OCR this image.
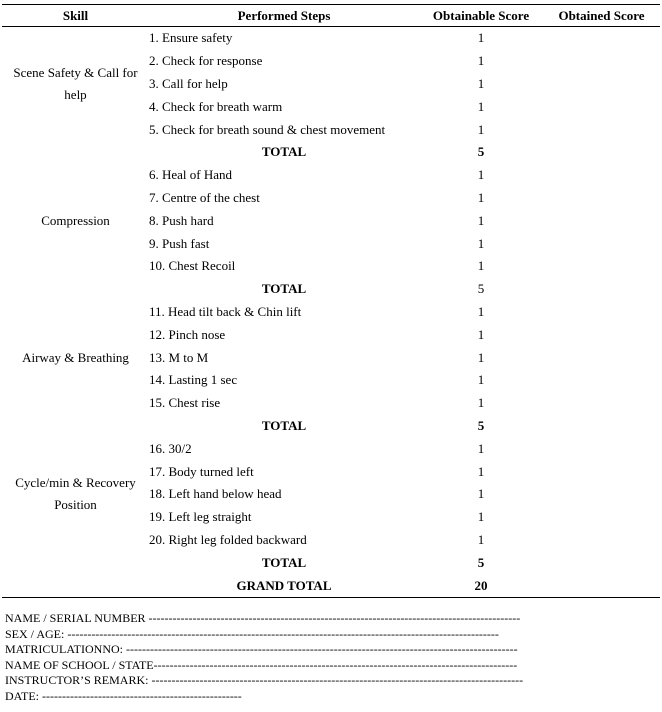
Skill	Performed Steps	Obtainable Score	Obtained Score
Scene Safety & Call for help	1. Ensure safety	1	
	2. Check for response	1	
	3. Call for help	1	
	4. Check for breath warm	1	
	5. Check for breath sound & chest movement	1	
	TOTAL	5	
Compression	6. Heal of Hand	1	
	7. Centre of the chest	1	
	8. Push hard	1	
	9. Push fast	1	
	10. Chest Recoil	1	
	TOTAL	5	
Airway & Breathing	11. Head tilt back & Chin lift	1	
	12. Pinch nose	1	
	13. M to M	1	
	14. Lasting 1 sec	1	
	15. Chest rise	1	
	TOTAL	5	
Cycle/min & Recovery Position	16. 30/2	1	
	17. Body turned left	1	
	18. Left hand below head	1	
	19. Left leg straight	1	
	20. Right leg folded backward	1	
	TOTAL	5	
	GRAND TOTAL	20	
NAME / SERIAL NUMBER ---------------------------------------------------------------------------------------------
SEX / AGE: ------------------------------------------------------------------------------------------------------------
MATRICULATIONNO: --------------------------------------------------------------------------------------------------
NAME OF SCHOOL / STATE-------------------------------------------------------------------------------------------
INSTRUCTOR’S REMARK: ---------------------------------------------------------------------------------------------
DATE: --------------------------------------------------
